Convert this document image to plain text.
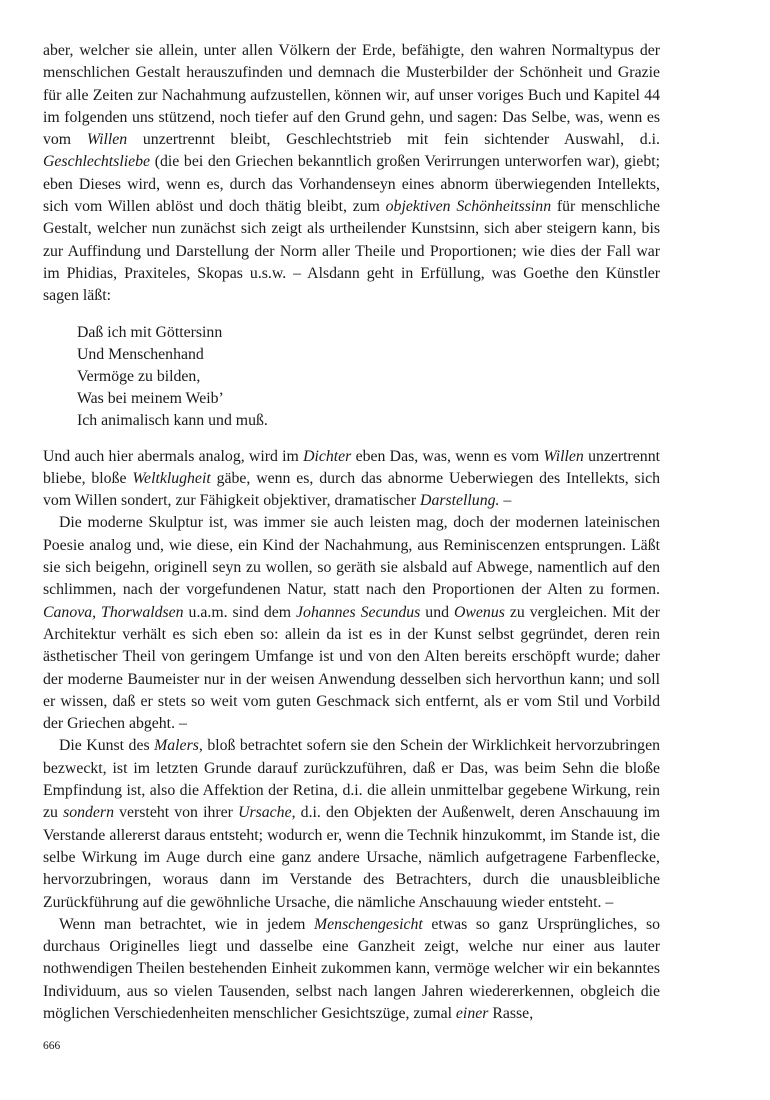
aber, welcher sie allein, unter allen Völkern der Erde, befähigte, den wahren Normaltypus der menschlichen Gestalt herauszufinden und demnach die Musterbilder der Schönheit und Grazie für alle Zeiten zur Nachahmung aufzustellen, können wir, auf unser voriges Buch und Kapitel 44 im folgenden uns stützend, noch tiefer auf den Grund gehn, und sagen: Das Selbe, was, wenn es vom Willen unzertrennt bleibt, Geschlechtstrieb mit fein sichtender Auswahl, d.i. Geschlechtsliebe (die bei den Griechen bekanntlich großen Verirrungen unterworfen war), giebt; eben Dieses wird, wenn es, durch das Vorhandenseyn eines abnorm überwiegenden Intellekts, sich vom Willen ablöst und doch thätig bleibt, zum objektiven Schönheitssinn für menschliche Gestalt, welcher nun zunächst sich zeigt als urtheilender Kunstsinn, sich aber steigern kann, bis zur Auffindung und Darstellung der Norm aller Theile und Proportionen; wie dies der Fall war im Phidias, Praxiteles, Skopas u.s.w. – Alsdann geht in Erfüllung, was Goethe den Künstler sagen läßt:

Daß ich mit Göttersinn
Und Menschenhand
Vermöge zu bilden,
Was bei meinem Weib’
Ich animalisch kann und muß.

Und auch hier abermals analog, wird im Dichter eben Das, was, wenn es vom Willen unzertrennt bliebe, bloße Weltklugheit gäbe, wenn es, durch das abnorme Ueberwiegen des Intellekts, sich vom Willen sondert, zur Fähigkeit objektiver, dramatischer Darstellung. –

Die moderne Skulptur ist, was immer sie auch leisten mag, doch der modernen lateinischen Poesie analog und, wie diese, ein Kind der Nachahmung, aus Reminiscenzen entsprungen. Läßt sie sich beigehn, originell seyn zu wollen, so geräth sie alsbald auf Abwege, namentlich auf den schlimmen, nach der vorgefundenen Natur, statt nach den Proportionen der Alten zu formen. Canova, Thorwaldsen u.a.m. sind dem Johannes Secundus und Owenus zu vergleichen. Mit der Architektur verhält es sich eben so: allein da ist es in der Kunst selbst gegründet, deren rein ästhetischer Theil von geringem Umfange ist und von den Alten bereits erschöpft wurde; daher der moderne Baumeister nur in der weisen Anwendung desselben sich hervorthun kann; und soll er wissen, daß er stets so weit vom guten Geschmack sich entfernt, als er vom Stil und Vorbild der Griechen abgeht. –

Die Kunst des Malers, bloß betrachtet sofern sie den Schein der Wirklichkeit hervorzubringen bezweckt, ist im letzten Grunde darauf zurückzuführen, daß er Das, was beim Sehn die bloße Empfindung ist, also die Affektion der Retina, d.i. die allein unmittelbar gegebene Wirkung, rein zu sondern versteht von ihrer Ursache, d.i. den Objekten der Außenwelt, deren Anschauung im Verstande allererst daraus entsteht; wodurch er, wenn die Technik hinzukommt, im Stande ist, die selbe Wirkung im Auge durch eine ganz andere Ursache, nämlich aufgetragene Farbenflecke, hervorzubringen, woraus dann im Verstande des Betrachters, durch die unausbleibliche Zurückführung auf die gewöhnliche Ursache, die nämliche Anschauung wieder entsteht. –

Wenn man betrachtet, wie in jedem Menschengesicht etwas so ganz Ursprüngliches, so durchaus Originelles liegt und dasselbe eine Ganzheit zeigt, welche nur einer aus lauter nothwendigen Theilen bestehenden Einheit zukommen kann, vermöge welcher wir ein bekanntes Individuum, aus so vielen Tausenden, selbst nach langen Jahren wiedererkennen, obgleich die möglichen Verschiedenheiten menschlicher Gesichtszüge, zumal einer Rasse,

666
